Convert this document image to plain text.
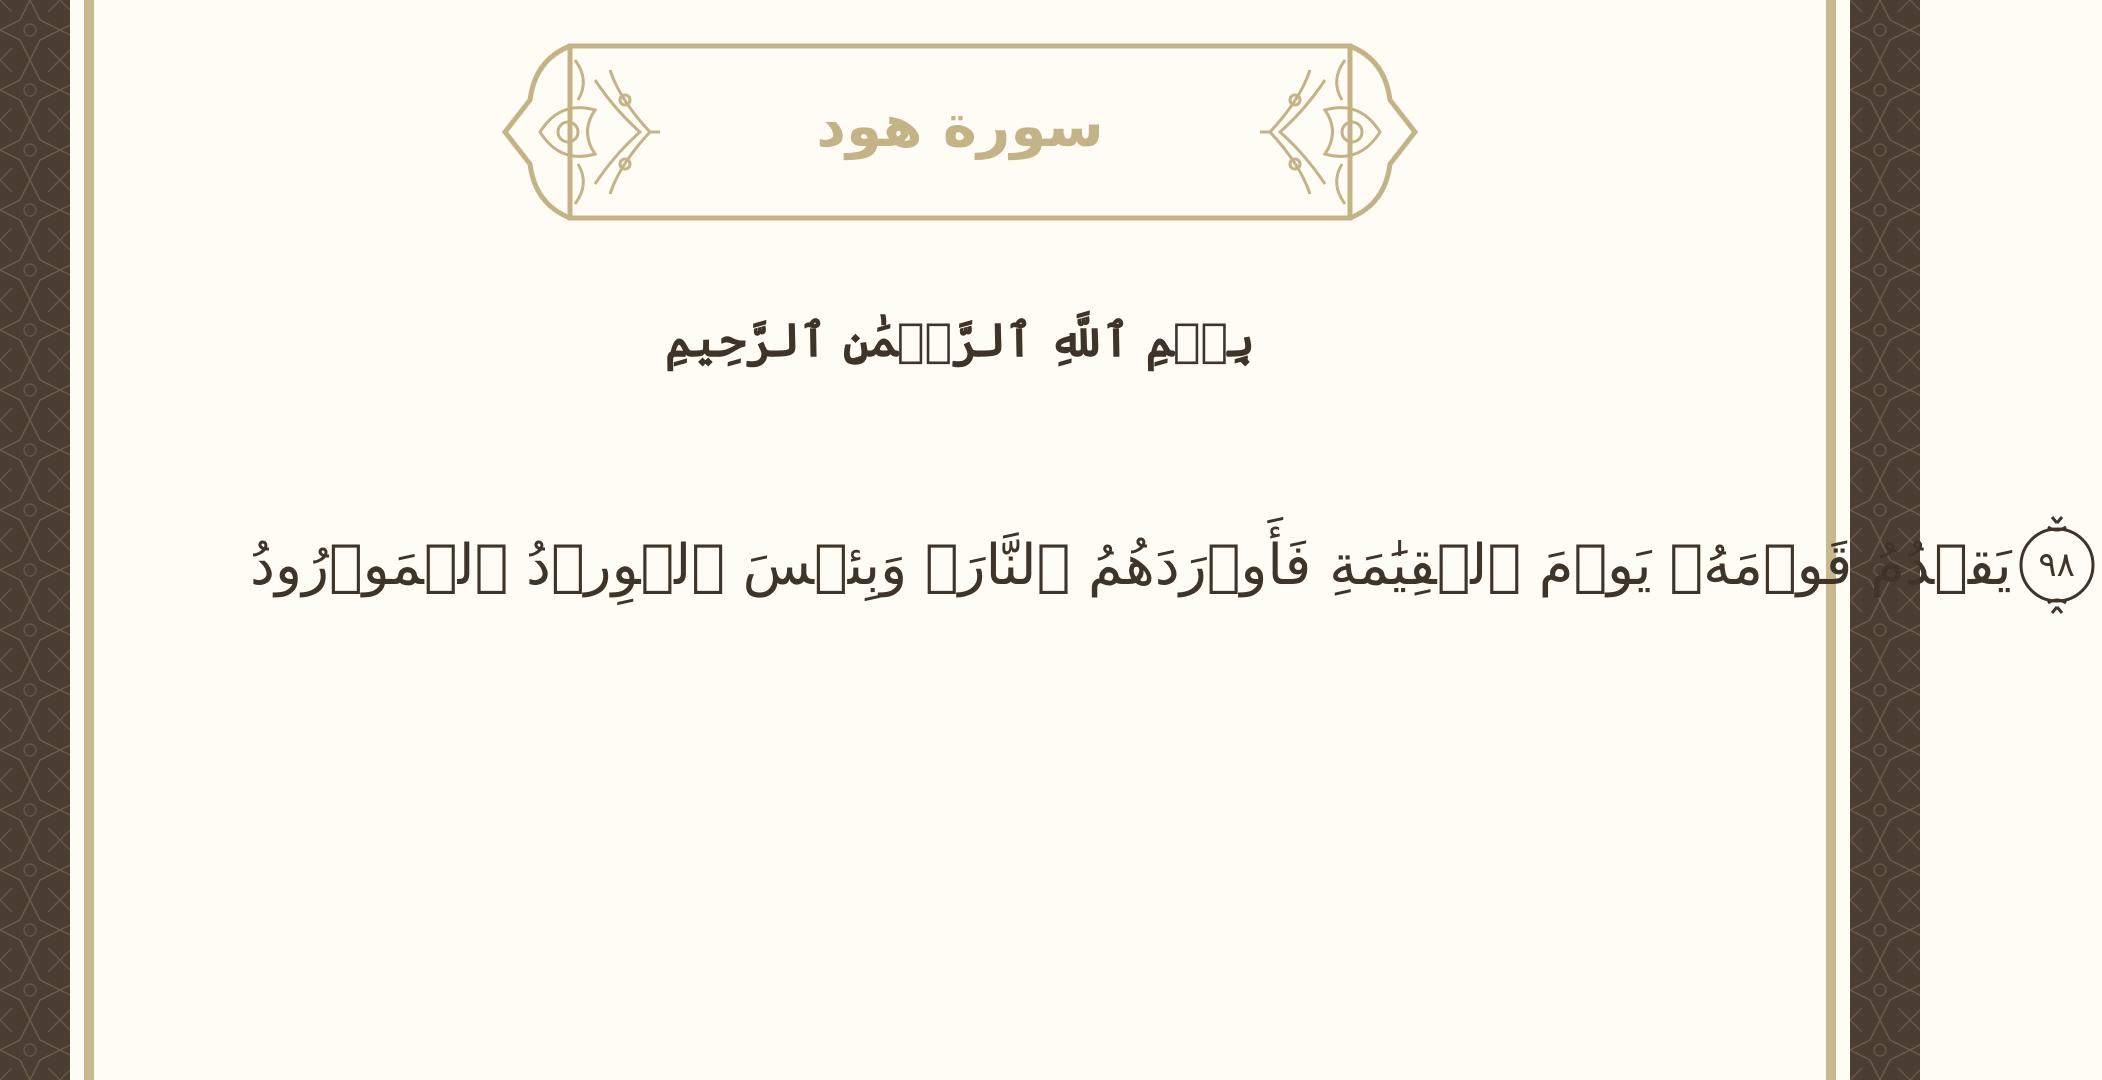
سورة هود
بِسۡمِ ٱللَّهِ ٱلرَّحۡمَٰنِ ٱلرَّحِيمِ
يَقۡدُمُ قَوۡمَهُۥ يَوۡمَ ٱلۡقِيَٰمَةِ فَأَوۡرَدَهُمُ ٱلنَّارَۖ وَبِئۡسَ ٱلۡوِرۡدُ ٱلۡمَوۡرُودُ ٩٨
